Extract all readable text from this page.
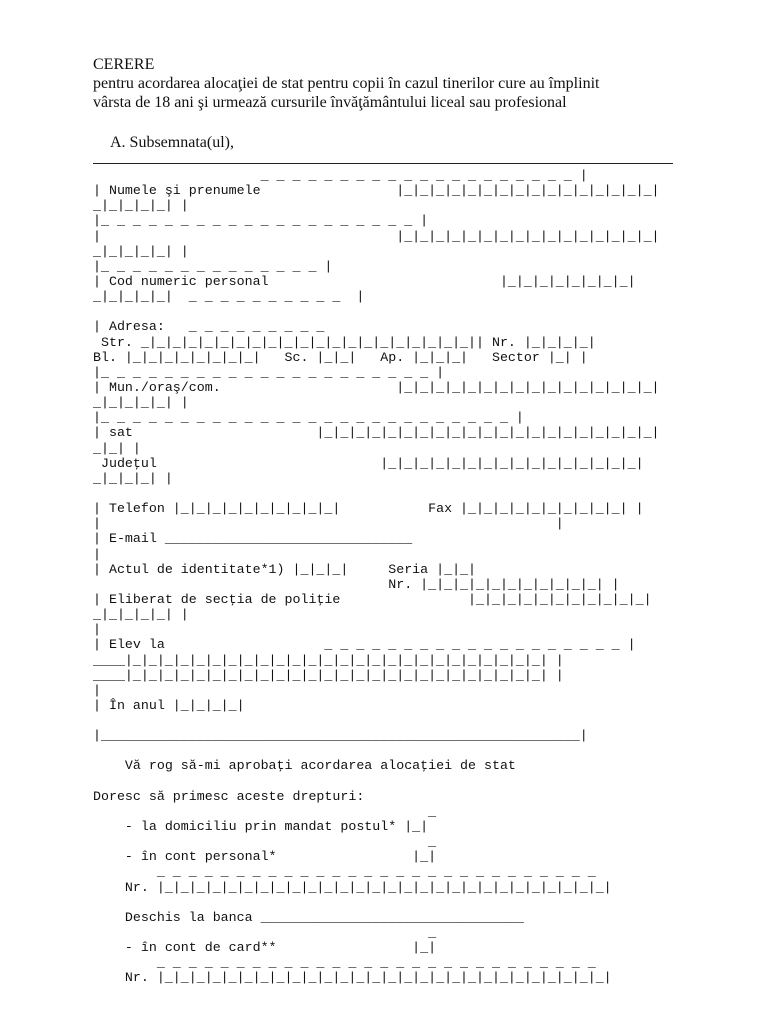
CERERE
pentru acordarea alocaţiei de stat pentru copii în cazul tinerilor cure au împlinit
vârsta de 18 ani şi urmează cursurile învăţământului liceal sau profesional
A. Subsemnata(ul),
_ _ _ _ _ _ _ _ _ _ _ _ _ _ _ _ _ _ _ _ |
| Numele şi prenumele                 |_|_|_|_|_|_|_|_|_|_|_|_|_|_|_|_|
_|_|_|_|_| |
|_ _ _ _ _ _ _ _ _ _ _ _ _ _ _ _ _ _ _ _ |
|                                     |_|_|_|_|_|_|_|_|_|_|_|_|_|_|_|_|
_|_|_|_|_| |
|_ _ _ _ _ _ _ _ _ _ _ _ _ _ |
| Cod numeric personal                             |_|_|_|_|_|_|_|_|
_|_|_|_|_|  _ _ _ _ _ _ _ _ _ _  |

| Adresa:   _ _ _ _ _ _ _ _ _
Str. _|_|_|_|_|_|_|_|_|_|_|_|_|_|_|_|_|_|_|_|_|| Nr. |_|_|_|_|
Bl. |_|_|_|_|_|_|_|_|   Sc. |_|_|   Ap. |_|_|_|   Sector |_| |
|_ _ _ _ _ _ _ _ _ _ _ _ _ _ _ _ _ _ _ _ _ |
| Mun./oraş/com.                      |_|_|_|_|_|_|_|_|_|_|_|_|_|_|_|_|
_|_|_|_|_| |
|_ _ _ _ _ _ _ _ _ _ _ _ _ _ _ _ _ _ _ _ _ _ _ _ _ _ |
| sat                       |_|_|_|_|_|_|_|_|_|_|_|_|_|_|_|_|_|_|_|_|_|
_|_| |
Judeţul                            |_|_|_|_|_|_|_|_|_|_|_|_|_|_|_|_|
_|_|_|_| |

| Telefon |_|_|_|_|_|_|_|_|_|_|           Fax |_|_|_|_|_|_|_|_|_|_| |
|                                                         |
| E-mail _______________________________
|
| Actul de identitate*1) |_|_|_|     Seria |_|_|
Nr. |_|_|_|_|_|_|_|_|_|_|_| |
| Eliberat de secţia de poliţie                |_|_|_|_|_|_|_|_|_|_|_|
_|_|_|_|_| |
|
| Elev la                    _ _ _ _ _ _ _ _ _ _ _ _ _ _ _ _ _ _ _ |
____|_|_|_|_|_|_|_|_|_|_|_|_|_|_|_|_|_|_|_|_|_|_|_|_|_|_| |
____|_|_|_|_|_|_|_|_|_|_|_|_|_|_|_|_|_|_|_|_|_|_|_|_|_|_| |
|
| În anul |_|_|_|_|

|____________________________________________________________|

Vă rog să-mi aprobaţi acordarea alocaţiei de stat

Doresc să primesc aceste drepturi:
_
- la domiciliu prin mandat postul* |_|
_
- în cont personal*                 |_|
_ _ _ _ _ _ _ _ _ _ _ _ _ _ _ _ _ _ _ _ _ _ _ _ _ _ _ _
Nr. |_|_|_|_|_|_|_|_|_|_|_|_|_|_|_|_|_|_|_|_|_|_|_|_|_|_|_|_|

Deschis la banca _________________________________
_
- în cont de card**                 |_|
_ _ _ _ _ _ _ _ _ _ _ _ _ _ _ _ _ _ _ _ _ _ _ _ _ _ _ _
Nr. |_|_|_|_|_|_|_|_|_|_|_|_|_|_|_|_|_|_|_|_|_|_|_|_|_|_|_|_|
